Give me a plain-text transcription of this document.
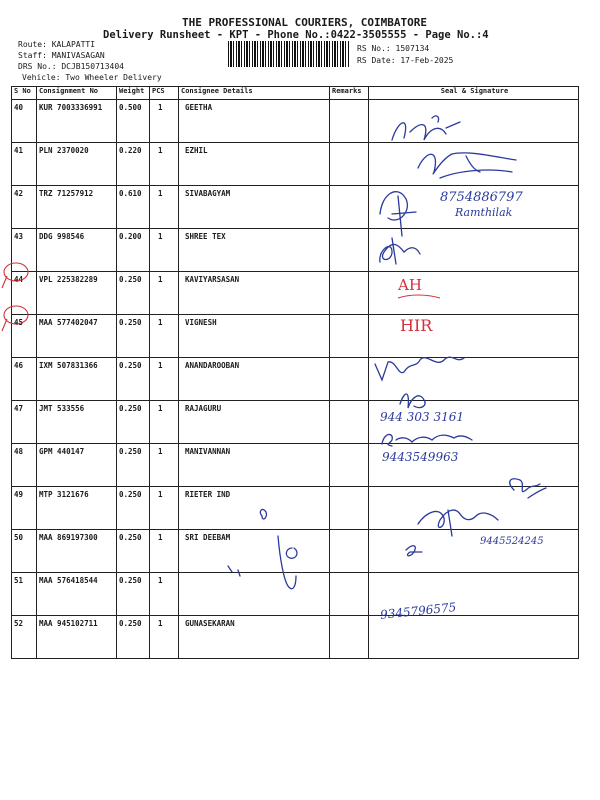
THE PROFESSIONAL COURIERS, COIMBATORE
Delivery Runsheet - KPT - Phone No.:0422-3505555 - Page No.:4
Route: KALAPATTI
Staff: MANIVASAGAN
DRS No.: DCJB150713404
Vehicle: Two Wheeler Delivery
RS No.: 1507134
RS Date: 17-Feb-2025
S No	Consignment No	Weight	PCS	Consignee Details	Remarks	Seal & Signature
40	KUR 7003336991	0.500	1	GEETHA		
41	PLN 2370020	0.220	1	EZHIL		
42	TRZ 71257912	0.610	1	SIVABAGYAM		
43	DDG 998546	0.200	1	SHREE TEX		
44	VPL 225382289	0.250	1	KAVIYARSASAN		
45	MAA 577402047	0.250	1	VIGNESH		
46	IXM 507831366	0.250	1	ANANDAROOBAN		
47	JMT 533556	0.250	1	RAJAGURU		
48	GPM 440147	0.250	1	MANIVANNAN		
49	MTP 3121676	0.250	1	RIETER IND		
50	MAA 869197300	0.250	1	SRI DEEBAM		
51	MAA 576418544	0.250	1			
52	MAA 945102711	0.250	1	GUNASEKARAN		
8754886797
Ramthilak
AH
HIR
944 303 3161
9443549963
9445524245
9345796575
